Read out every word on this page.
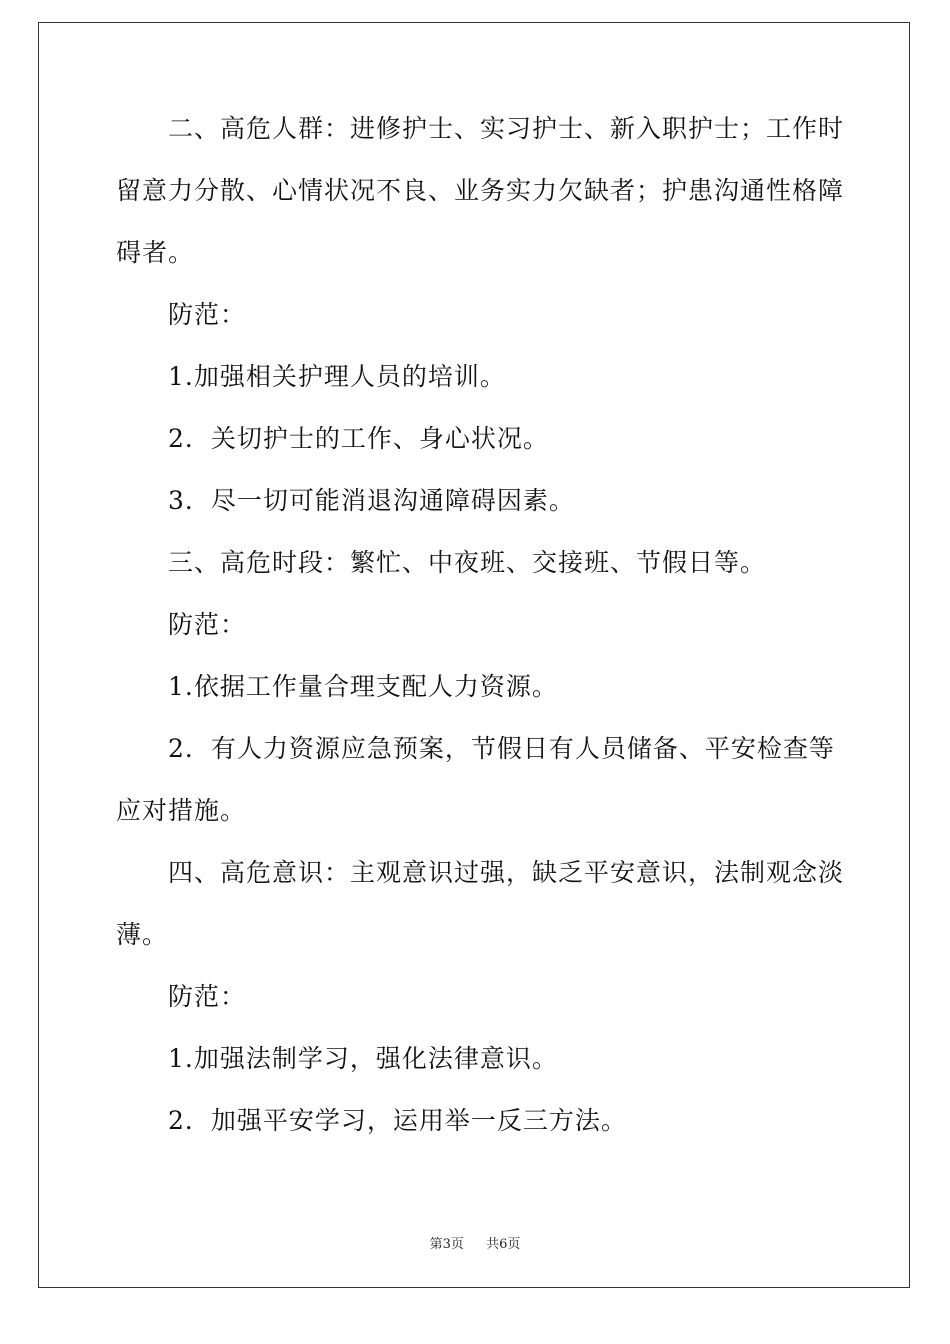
二、高危人群：进修护士、实习护士、新入职护士；工作时留意力分散、心情状况不良、业务实力欠缺者；护患沟通性格障碍者。

防范：

1.加强相关护理人员的培训。

2．关切护士的工作、身心状况。

3．尽一切可能消退沟通障碍因素。

三、高危时段：繁忙、中夜班、交接班、节假日等。

防范：

1.依据工作量合理支配人力资源。

2．有人力资源应急预案，节假日有人员储备、平安检查等应对措施。

四、高危意识：主观意识过强，缺乏平安意识，法制观念淡薄。

防范：

1.加强法制学习，强化法律意识。

2．加强平安学习，运用举一反三方法。

第3页 共6页
